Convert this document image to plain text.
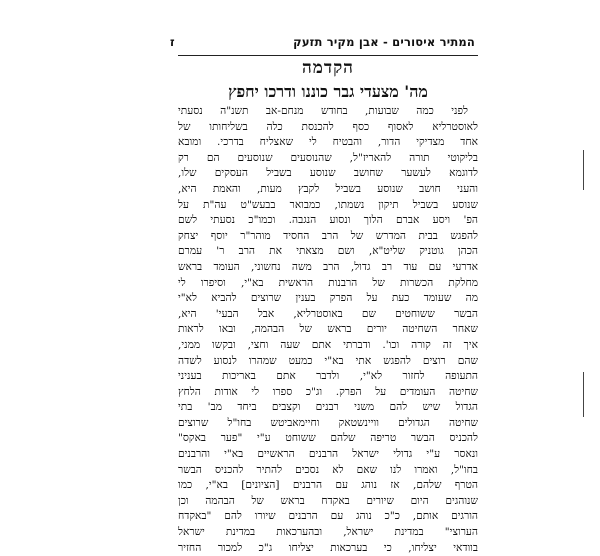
המתיר איסורים - אבן מקיר תזעק
ז
הקדמה
מה' מצעדי גבר כוננו ודרכו יחפץ
לפני כמה שבועות, בחודש מנחם-אב תשנ"ה נסעתי
לאוסטרליא לאסוף כסף להכנסת כלה בשליחותו של
אחד מצדיקי הדור, והבטיח לי שאצליח בדרכי. ומובא
בליקוטי תורה להאריז"ל, שהנוסעים שנוסעים הם רק
לדוגמא לעשער שחושב שנוסע בשביל העסקים שלו,
והעני חושב שנוסע בשביל לקבץ מעות, והאמת היא,
שנוסע בשביל תיקון נשמתו, כמבואר בבעש"ט עה"ת על
הפ' ויסע אברם הלוך ונסוע הנגבה. וכמו"כ נסעתי לשם
להפגש בבית המדרש של הרב החסיד מוהר"ר יוסף יצחק
הכהן גוטניק שליט"א, ושם מצאתי את הרב ר' עמרם
אדרעי עם עוד רב גדול, הרב משה נחשוני, העומד בראש
מחלקת הכשרות של הרבנות הראשית בא"י, וסיפרו לי
מה שעומד כעת על הפרק בענין שרוצים להביא לא"י
הבשר ששוחטים שם באוסטרליא, אבל הבעי' היא,
שאחר השחיטה יורים בראש של הבהמה, ובאו לראות
איך זה קורה וכו'. ודברתי אתם שעה וחצי, ובקשו ממני,
שהם רוצים להפגש אתי בא"י כמעט שמהרו לנסוע לשדה
התעופה לחזור לא"י, ולדבר אתם באריכות בעניני
שחיטה העומדים על הפרק. וג"כ ספרו לי אודות הלחץ
הגדול שיש להם משני רבנים וקצבים ביחד מב' בתי
שחיטה הגדולים וויינשטאק וחיימאביטש בחו"ל שרוצים
להכניס הבשר טריפה שלהם ששוחט ע"י "פער באקס"
ונאסר ע"י גדולי ישראל הרבנים הראשיים בא"י והרבנים
בחו"ל, ואמרו לנו שאם לא נסכים להתיר להכניס הבשר
הטרף שלהם, אז נוהג עם הרבנים [הציונים] בא"י, כמו
שנוהגים היום שיורים באקדח בראש של הבהמה וכן
הורגים אותם, כ"כ נוהג עם הרבנים שיורו להם "באקדח
הערוצי" במדינת ישראל, ובהערכאות במדינת ישראל
בוודאי יצליחו, כי בערכאות יצליחו ג"כ למכור החזיר
